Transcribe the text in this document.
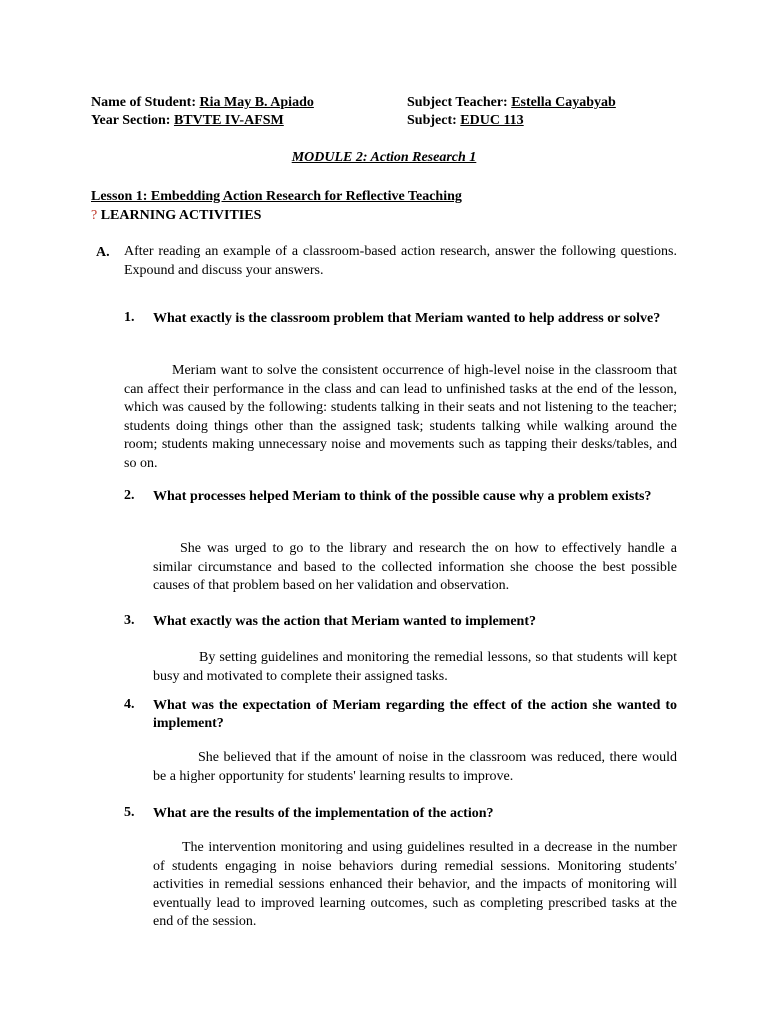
Name of Student: Ria May B. Apiado
Year Section: BTVTE IV-AFSM
Subject Teacher: Estella Cayabyab
Subject: EDUC 113
MODULE 2: Action Research 1
Lesson 1: Embedding Action Research for Reflective Teaching
? LEARNING ACTIVITIES
A. After reading an example of a classroom-based action research, answer the following questions. Expound and discuss your answers.
1. What exactly is the classroom problem that Meriam wanted to help address or solve?
Meriam want to solve the consistent occurrence of high-level noise in the classroom that can affect their performance in the class and can lead to unfinished tasks at the end of the lesson, which was caused by the following: students talking in their seats and not listening to the teacher; students doing things other than the assigned task; students talking while walking around the room; students making unnecessary noise and movements such as tapping their desks/tables, and so on.
2. What processes helped Meriam to think of the possible cause why a problem exists?
She was urged to go to the library and research the on how to effectively handle a similar circumstance and based to the collected information she choose the best possible causes of that problem based on her validation and observation.
3. What exactly was the action that Meriam wanted to implement?
By setting guidelines and monitoring the remedial lessons, so that students will kept busy and motivated to complete their assigned tasks.
4. What was the expectation of Meriam regarding the effect of the action she wanted to implement?
She believed that if the amount of noise in the classroom was reduced, there would be a higher opportunity for students' learning results to improve.
5. What are the results of the implementation of the action?
The intervention monitoring and using guidelines resulted in a decrease in the number of students engaging in noise behaviors during remedial sessions. Monitoring students' activities in remedial sessions enhanced their behavior, and the impacts of monitoring will eventually lead to improved learning outcomes, such as completing prescribed tasks at the end of the session.
